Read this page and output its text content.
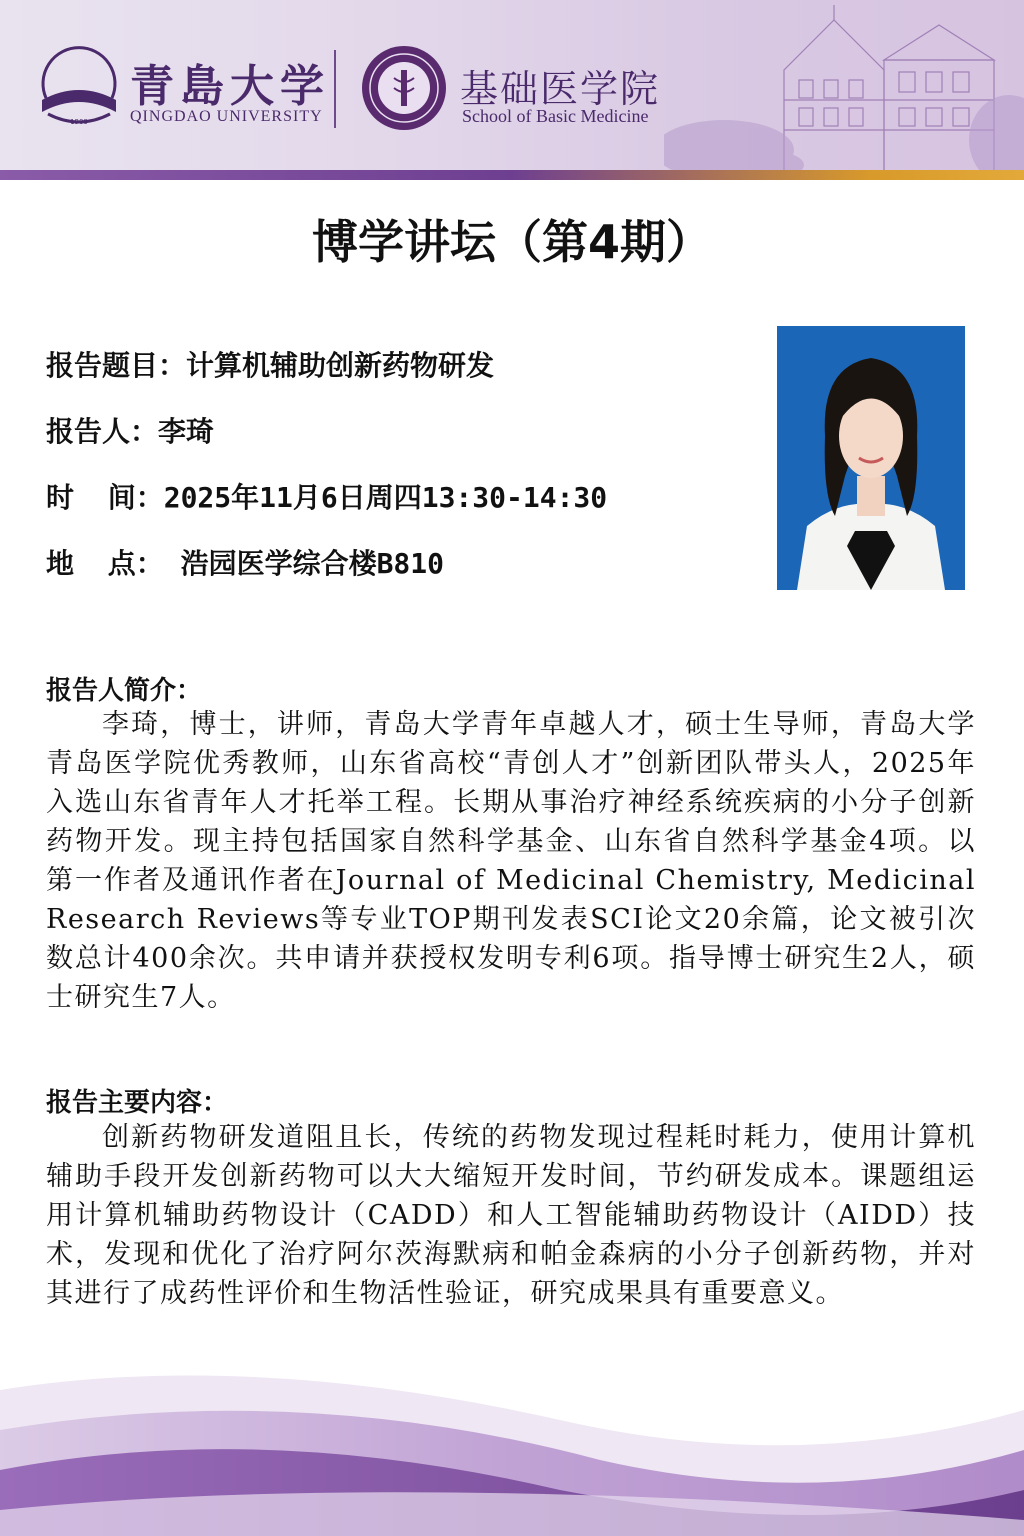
1909
青島大学
QINGDAO UNIVERSITY
基础医学院
School of Basic Medicine
博学讲坛（第4期）
报告题目：计算机辅助创新药物研发
报告人：李琦
时  间：2025年11月6日周四13:30-14:30
地  点： 浩园医学综合楼B810
报告人简介：
李琦，博士，讲师，青岛大学青年卓越人才，硕士生导师，青岛大学青岛医学院优秀教师，山东省高校“青创人才”创新团队带头人，2025年入选山东省青年人才托举工程。长期从事治疗神经系统疾病的小分子创新药物开发。现主持包括国家自然科学基金、山东省自然科学基金4项。以第一作者及通讯作者在Journal of Medicinal Chemistry, Medicinal Research Reviews等专业TOP期刊发表SCI论文20余篇，论文被引次数总计400余次。共申请并获授权发明专利6项。指导博士研究生2人，硕士研究生7人。
报告主要内容：
创新药物研发道阻且长，传统的药物发现过程耗时耗力，使用计算机辅助手段开发创新药物可以大大缩短开发时间，节约研发成本。课题组运用计算机辅助药物设计（CADD）和人工智能辅助药物设计（AIDD）技术，发现和优化了治疗阿尔茨海默病和帕金森病的小分子创新药物，并对其进行了成药性评价和生物活性验证，研究成果具有重要意义。
